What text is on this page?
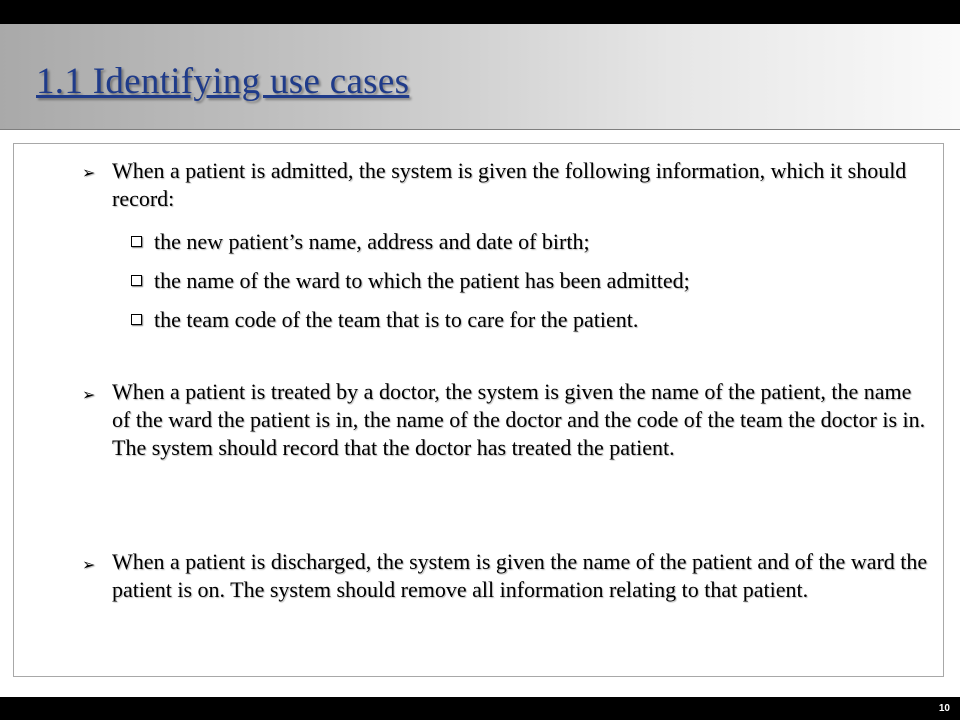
1.1 Identifying use cases
➢ When a patient is admitted, the system is given the following information, which it should record:
the new patient’s name, address and date of birth;
the name of the ward to which the patient has been admitted;
the team code of the team that is to care for the patient.
➢ When a patient is treated by a doctor, the system is given the name of the patient, the name of the ward the patient is in, the name of the doctor and the code of the team the doctor is in. The system should record that the doctor has treated the patient.
➢ When a patient is discharged, the system is given the name of the patient and of the ward the patient is on. The system should remove all information relating to that patient.
10
